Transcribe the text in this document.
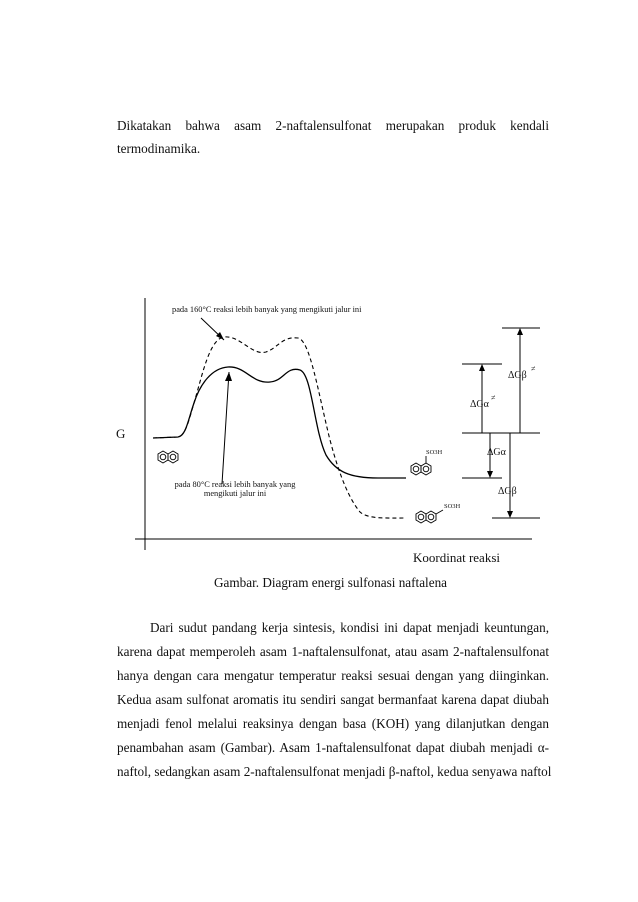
Dikatakan bahwa asam 2-naftalensulfonat merupakan produk kendali
termodinamika.
G
Koordinat reaksi
pada 160°C reaksi lebih banyak yang mengikuti jalur ini
pada 80°C reaksi lebih banyak yang
mengikuti jalur ini
SO3H
SO3H
ΔGβ
≠
ΔGα
≠
ΔGα
ΔGβ
Gambar. Diagram energi sulfonasi naftalena
Dari sudut pandang kerja sintesis, kondisi ini dapat menjadi keuntungan,
karena dapat memperoleh asam 1-naftalensulfonat, atau asam 2-naftalensulfonat
hanya dengan cara mengatur temperatur reaksi sesuai dengan yang diinginkan.
Kedua asam sulfonat aromatis itu sendiri sangat bermanfaat karena dapat diubah
menjadi fenol melalui reaksinya dengan basa (KOH) yang dilanjutkan dengan
penambahan asam (Gambar). Asam 1-naftalensulfonat dapat diubah menjadi α-
naftol, sedangkan asam 2-naftalensulfonat menjadi β-naftol, kedua senyawa naftol
